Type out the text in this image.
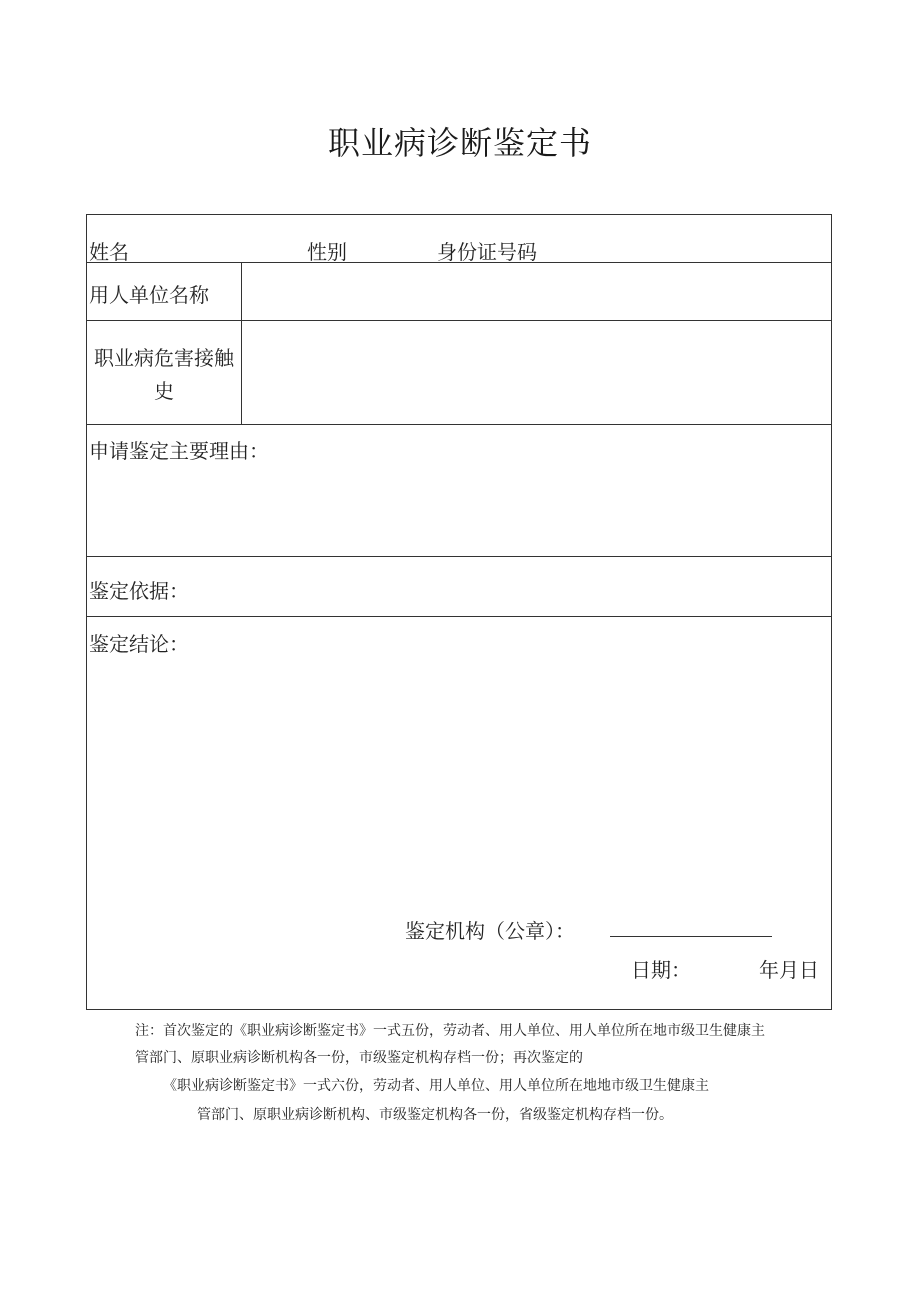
职业病诊断鉴定书
姓名	性别	身份证号码
用人单位名称
职业病危害接触史
申请鉴定主要理由：
鉴定依据：
鉴定结论：
鉴定机构（公章）：
日期：	年月日
注：首次鉴定的《职业病诊断鉴定书》一式五份，劳动者、用人单位、用人单位所在地市级卫生健康主
管部门、原职业病诊断机构各一份，市级鉴定机构存档一份；再次鉴定的
《职业病诊断鉴定书》一式六份，劳动者、用人单位、用人单位所在地地市级卫生健康主
管部门、原职业病诊断机构、市级鉴定机构各一份，省级鉴定机构存档一份。
